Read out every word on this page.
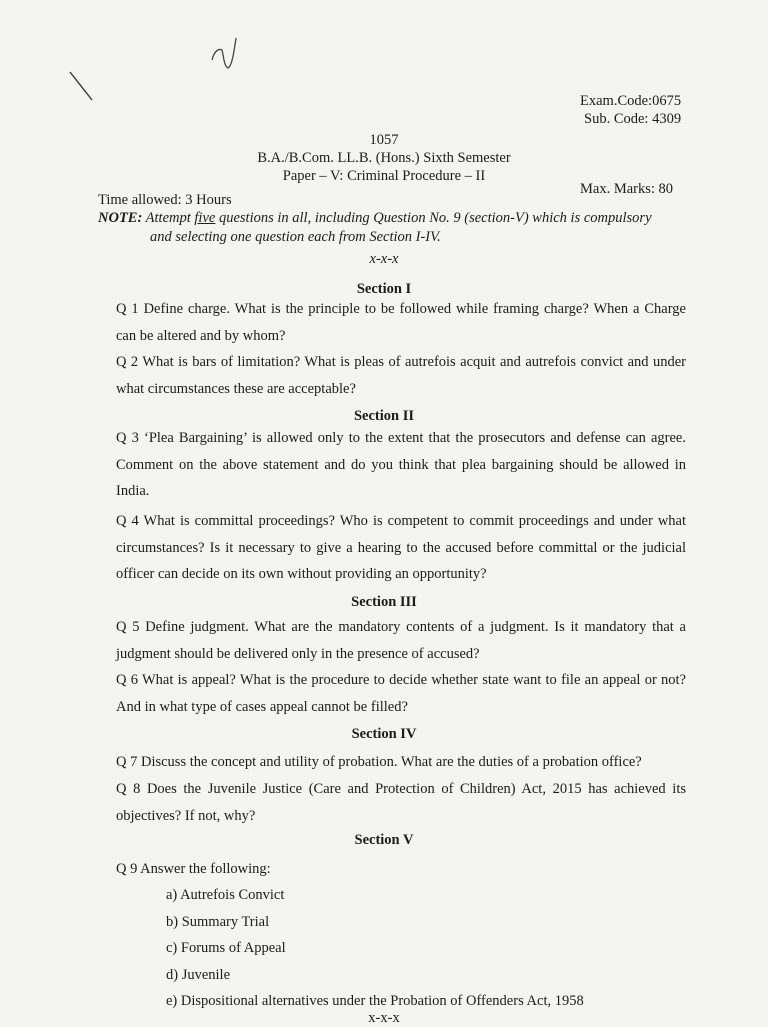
Exam.Code:0675
Sub. Code: 4309
1057
B.A./B.Com. LL.B. (Hons.) Sixth Semester
Paper – V: Criminal Procedure – II
Time allowed: 3 Hours
Max. Marks: 80
NOTE: Attempt five questions in all, including Question No. 9 (section-V) which is compulsory
and selecting one question each from Section I-IV.
x-x-x
Section I
Q 1 Define charge. What is the principle to be followed while framing charge? When a Charge can be altered and by whom?
Q 2 What is bars of limitation? What is pleas of autrefois acquit and autrefois convict and under what circumstances these are acceptable?
Section II
Q 3 ‘Plea Bargaining’ is allowed only to the extent that the prosecutors and defense can agree. Comment on the above statement and do you think that plea bargaining should be allowed in India.
Q 4 What is committal proceedings? Who is competent to commit proceedings and under what circumstances? Is it necessary to give a hearing to the accused before committal or the judicial officer can decide on its own without providing an opportunity?
Section III
Q 5 Define judgment. What are the mandatory contents of a judgment. Is it mandatory that a judgment should be delivered only in the presence of accused?
Q 6 What is appeal? What is the procedure to decide whether state want to file an appeal or not? And in what type of cases appeal cannot be filled?
Section IV
Q 7 Discuss the concept and utility of probation. What are the duties of a probation office?
Q 8 Does the Juvenile Justice (Care and Protection of Children) Act, 2015 has achieved its objectives? If not, why?
Section V
Q 9 Answer the following:
a) Autrefois Convict
b) Summary Trial
c) Forums of Appeal
d) Juvenile
e) Dispositional alternatives under the Probation of Offenders Act, 1958
x-x-x
